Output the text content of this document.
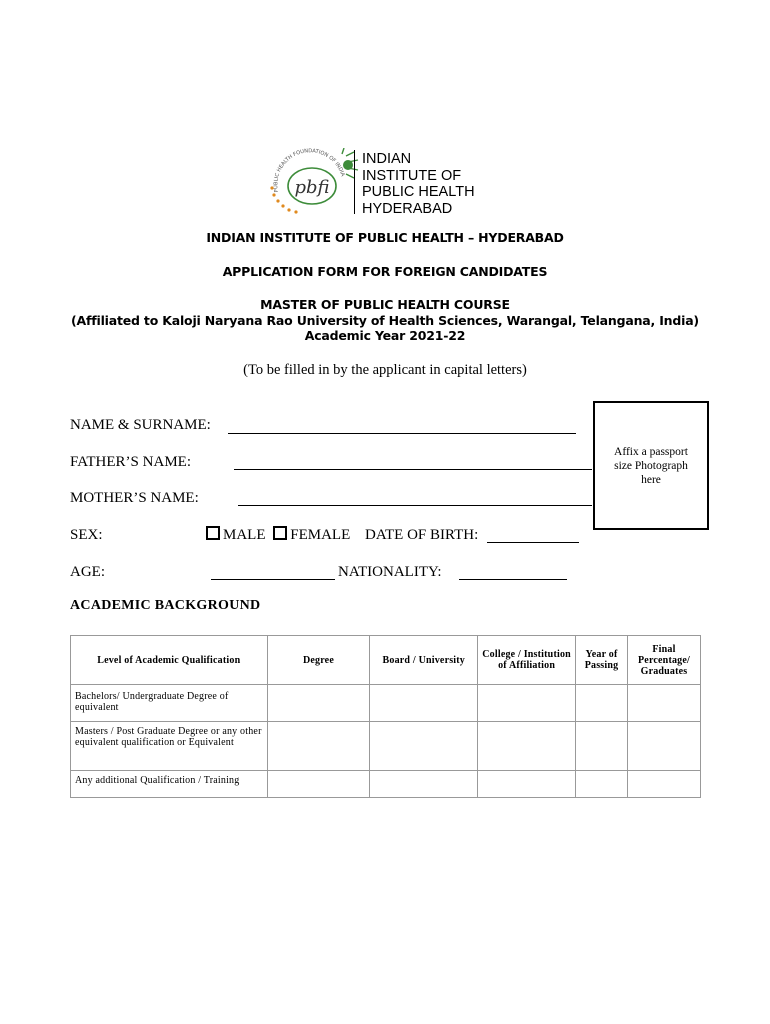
PUBLIC HEALTH FOUNDATION OF INDIA
pbfi
INDIAN
INSTITUTE OF
PUBLIC HEALTH
HYDERABAD
INDIAN INSTITUTE OF PUBLIC HEALTH – HYDERABAD
APPLICATION FORM FOR FOREIGN CANDIDATES
MASTER OF PUBLIC HEALTH COURSE
(Affiliated to Kaloji Naryana Rao University of Health Sciences, Warangal, Telangana, India)
Academic Year 2021-22
(To be filled in by the applicant in capital letters)
Affix a passport
size Photograph
here
NAME & SURNAME:
FATHER’S NAME:
MOTHER’S NAME:
SEX:	MALE FEMALE DATE OF BIRTH:
AGE:	NATIONALITY:
ACADEMIC BACKGROUND
Level of Academic Qualification	Degree	Board / University	College / Institution of Affiliation	Year of Passing	Final Percentage/ Graduates
Bachelors/ Undergraduate Degree of equivalent					
Masters / Post Graduate Degree or any other equivalent qualification or Equivalent					
Any additional Qualification / Training					
